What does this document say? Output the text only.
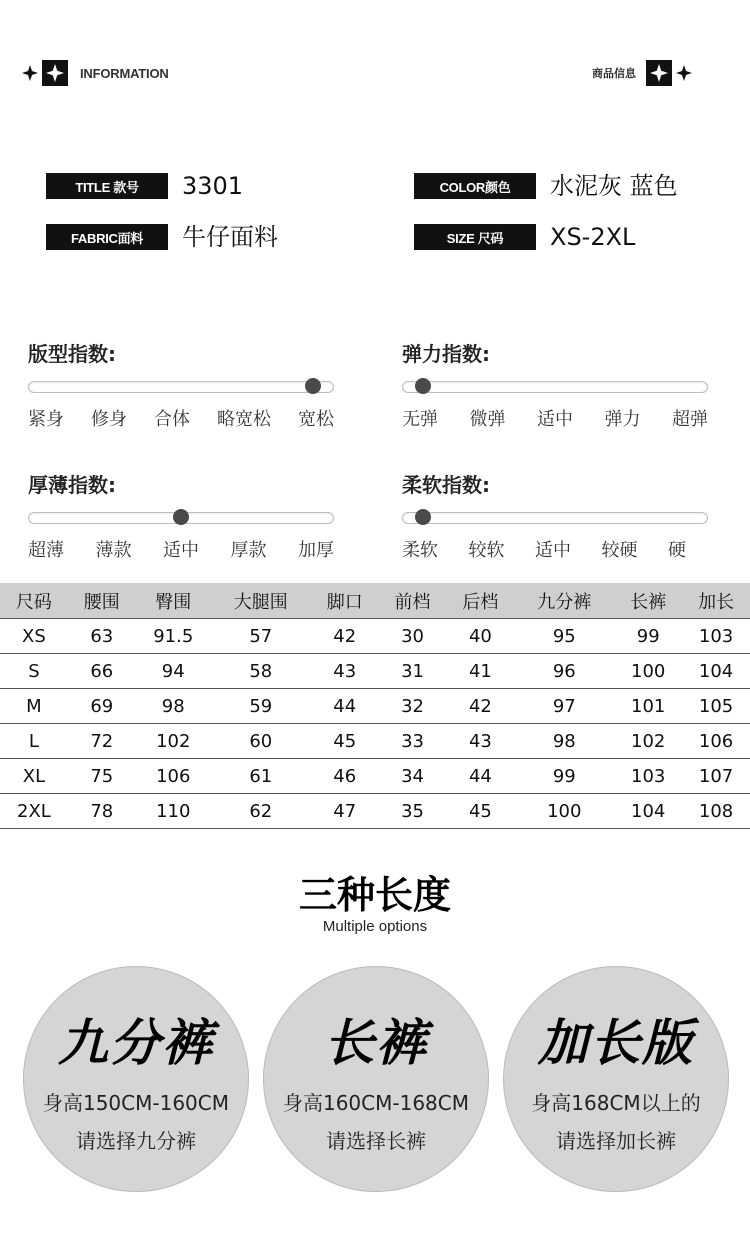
INFORMATION	商品信息
TITLE 款号	3301
FABRIC面料	牛仔面料
COLOR颜色	水泥灰 蓝色
SIZE 尺码	XS-2XL
版型指数:
紧身 修身 合体 略宽松 宽松
弹力指数:
无弹 微弹 适中 弹力 超弹
厚薄指数:
超薄 薄款 适中 厚款 加厚
柔软指数:
柔软 较软 适中 较硬 硬
尺码	腰围	臀围	大腿围	脚口	前档	后档	九分裤	长裤	加长
XS	63	91.5	57	42	30	40	95	99	103
S	66	94	58	43	31	41	96	100	104
M	69	98	59	44	32	42	97	101	105
L	72	102	60	45	33	43	98	102	106
XL	75	106	61	46	34	44	99	103	107
2XL	78	110	62	47	35	45	100	104	108
三种长度
Multiple options
九分裤
身高150CM-160CM
请选择九分裤
长裤
身高160CM-168CM
请选择长裤
加长版
身高168CM以上的
请选择加长裤
